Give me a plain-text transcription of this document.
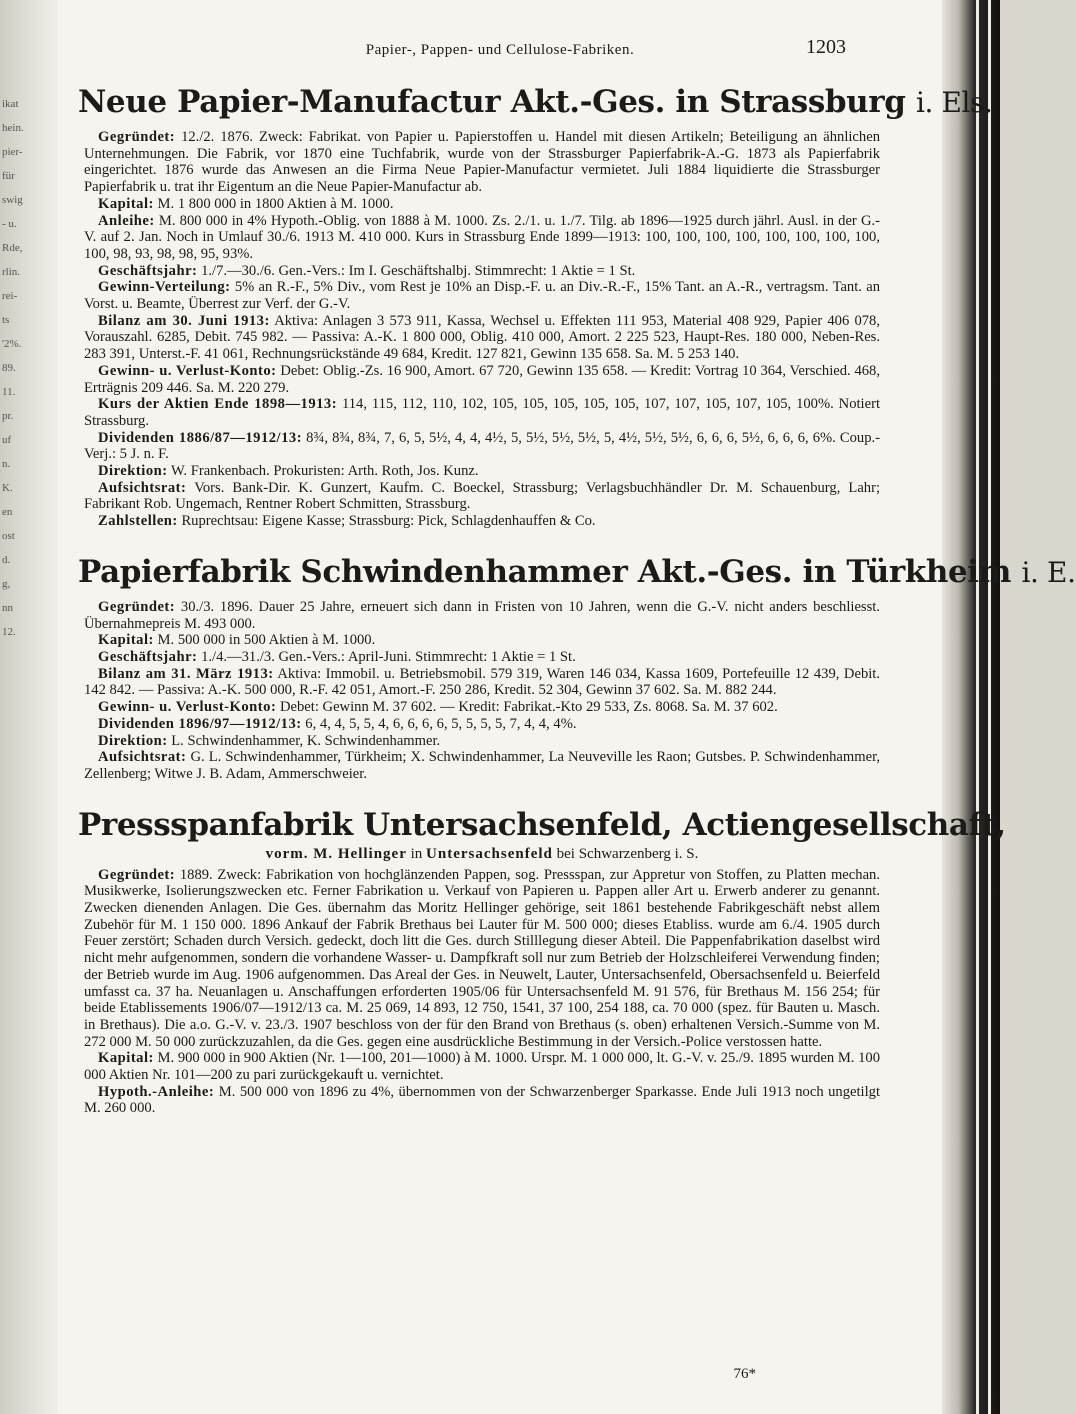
ikat
hein.
pier-
für
swig
- u.
Rde,
rlin.
rei-
ts
'2%.
89.
11.
pr.
uf
n.
K.
en
ost
d.
g,
nn
12.
Papier-, Pappen- und Cellulose-Fabriken.	1203
Neue Papier-Manufactur Akt.-Ges. in Strassburg i. Els.

Gegründet: 12./2. 1876. Zweck: Fabrikat. von Papier u. Papierstoffen u. Handel mit diesen Artikeln; Beteiligung an ähnlichen Unternehmungen. Die Fabrik, vor 1870 eine Tuchfabrik, wurde von der Strassburger Papierfabrik-A.-G. 1873 als Papierfabrik eingerichtet. 1876 wurde das Anwesen an die Firma Neue Papier-Manufactur vermietet. Juli 1884 liquidierte die Strassburger Papierfabrik u. trat ihr Eigentum an die Neue Papier-Manufactur ab.

Kapital: M. 1 800 000 in 1800 Aktien à M. 1000.

Anleihe: M. 800 000 in 4% Hypoth.-Oblig. von 1888 à M. 1000. Zs. 2./1. u. 1./7. Tilg. ab 1896—1925 durch jährl. Ausl. in der G.-V. auf 2. Jan. Noch in Umlauf 30./6. 1913 M. 410 000. Kurs in Strassburg Ende 1899—1913: 100, 100, 100, 100, 100, 100, 100, 100, 100, 98, 93, 98, 98, 95, 93%.

Geschäftsjahr: 1./7.—30./6. Gen.-Vers.: Im I. Geschäftshalbj. Stimmrecht: 1 Aktie = 1 St.

Gewinn-Verteilung: 5% an R.-F., 5% Div., vom Rest je 10% an Disp.-F. u. an Div.-R.-F., 15% Tant. an A.-R., vertragsm. Tant. an Vorst. u. Beamte, Überrest zur Verf. der G.-V.

Bilanz am 30. Juni 1913: Aktiva: Anlagen 3 573 911, Kassa, Wechsel u. Effekten 111 953, Material 408 929, Papier 406 078, Vorauszahl. 6285, Debit. 745 982. — Passiva: A.-K. 1 800 000, Oblig. 410 000, Amort. 2 225 523, Haupt-Res. 180 000, Neben-Res. 283 391, Unterst.-F. 41 061, Rechnungsrückstände 49 684, Kredit. 127 821, Gewinn 135 658. Sa. M. 5 253 140.

Gewinn- u. Verlust-Konto: Debet: Oblig.-Zs. 16 900, Amort. 67 720, Gewinn 135 658. — Kredit: Vortrag 10 364, Verschied. 468, Erträgnis 209 446. Sa. M. 220 279.

Kurs der Aktien Ende 1898—1913: 114, 115, 112, 110, 102, 105, 105, 105, 105, 105, 107, 107, 105, 107, 105, 100%. Notiert Strassburg.

Dividenden 1886/87—1912/13: 8¾, 8¾, 8¾, 7, 6, 5, 5½, 4, 4, 4½, 5, 5½, 5½, 5½, 5, 4½, 5½, 5½, 6, 6, 6, 5½, 6, 6, 6, 6%. Coup.-Verj.: 5 J. n. F.

Direktion: W. Frankenbach. Prokuristen: Arth. Roth, Jos. Kunz.

Aufsichtsrat: Vors. Bank-Dir. K. Gunzert, Kaufm. C. Boeckel, Strassburg; Verlagsbuchhändler Dr. M. Schauenburg, Lahr; Fabrikant Rob. Ungemach, Rentner Robert Schmitten, Strassburg.

Zahlstellen: Ruprechtsau: Eigene Kasse; Strassburg: Pick, Schlagdenhauffen & Co.

Papierfabrik Schwindenhammer Akt.-Ges. in Türkheim i. E.

Gegründet: 30./3. 1896. Dauer 25 Jahre, erneuert sich dann in Fristen von 10 Jahren, wenn die G.-V. nicht anders beschliesst. Übernahmepreis M. 493 000.

Kapital: M. 500 000 in 500 Aktien à M. 1000.

Geschäftsjahr: 1./4.—31./3. Gen.-Vers.: April-Juni. Stimmrecht: 1 Aktie = 1 St.

Bilanz am 31. März 1913: Aktiva: Immobil. u. Betriebsmobil. 579 319, Waren 146 034, Kassa 1609, Portefeuille 12 439, Debit. 142 842. — Passiva: A.-K. 500 000, R.-F. 42 051, Amort.-F. 250 286, Kredit. 52 304, Gewinn 37 602. Sa. M. 882 244.

Gewinn- u. Verlust-Konto: Debet: Gewinn M. 37 602. — Kredit: Fabrikat.-Kto 29 533, Zs. 8068. Sa. M. 37 602.

Dividenden 1896/97—1912/13: 6, 4, 4, 5, 5, 4, 6, 6, 6, 6, 5, 5, 5, 5, 7, 4, 4, 4%.

Direktion: L. Schwindenhammer, K. Schwindenhammer.

Aufsichtsrat: G. L. Schwindenhammer, Türkheim; X. Schwindenhammer, La Neuveville les Raon; Gutsbes. P. Schwindenhammer, Zellenberg; Witwe J. B. Adam, Ammerschweier.

Pressspanfabrik Untersachsenfeld, Actiengesellschaft,
vorm. M. Hellinger in Untersachsenfeld bei Schwarzenberg i. S.

Gegründet: 1889. Zweck: Fabrikation von hochglänzenden Pappen, sog. Pressspan, zur Appretur von Stoffen, zu Platten mechan. Musikwerke, Isolierungszwecken etc. Ferner Fabrikation u. Verkauf von Papieren u. Pappen aller Art u. Erwerb anderer zu genannt. Zwecken dienenden Anlagen. Die Ges. übernahm das Moritz Hellinger gehörige, seit 1861 bestehende Fabrikgeschäft nebst allem Zubehör für M. 1 150 000. 1896 Ankauf der Fabrik Brethaus bei Lauter für M. 500 000; dieses Etabliss. wurde am 6./4. 1905 durch Feuer zerstört; Schaden durch Versich. gedeckt, doch litt die Ges. durch Stilllegung dieser Abteil. Die Pappenfabrikation daselbst wird nicht mehr aufgenommen, sondern die vorhandene Wasser- u. Dampfkraft soll nur zum Betrieb der Holzschleiferei Verwendung finden; der Betrieb wurde im Aug. 1906 aufgenommen. Das Areal der Ges. in Neuwelt, Lauter, Untersachsenfeld, Obersachsenfeld u. Beierfeld umfasst ca. 37 ha. Neuanlagen u. Anschaffungen erforderten 1905/06 für Untersachsenfeld M. 91 576, für Brethaus M. 156 254; für beide Etablissements 1906/07—1912/13 ca. M. 25 069, 14 893, 12 750, 1541, 37 100, 254 188, ca. 70 000 (spez. für Bauten u. Masch. in Brethaus). Die a.o. G.-V. v. 23./3. 1907 beschloss von der für den Brand von Brethaus (s. oben) erhaltenen Versich.-Summe von M. 272 000 M. 50 000 zurückzuzahlen, da die Ges. gegen eine ausdrückliche Bestimmung in der Versich.-Police verstossen hatte.

Kapital: M. 900 000 in 900 Aktien (Nr. 1—100, 201—1000) à M. 1000. Urspr. M. 1 000 000, lt. G.-V. v. 25./9. 1895 wurden M. 100 000 Aktien Nr. 101—200 zu pari zurückgekauft u. vernichtet.

Hypoth.-Anleihe: M. 500 000 von 1896 zu 4%, übernommen von der Schwarzenberger Sparkasse. Ende Juli 1913 noch ungetilgt M. 260 000.

76*
